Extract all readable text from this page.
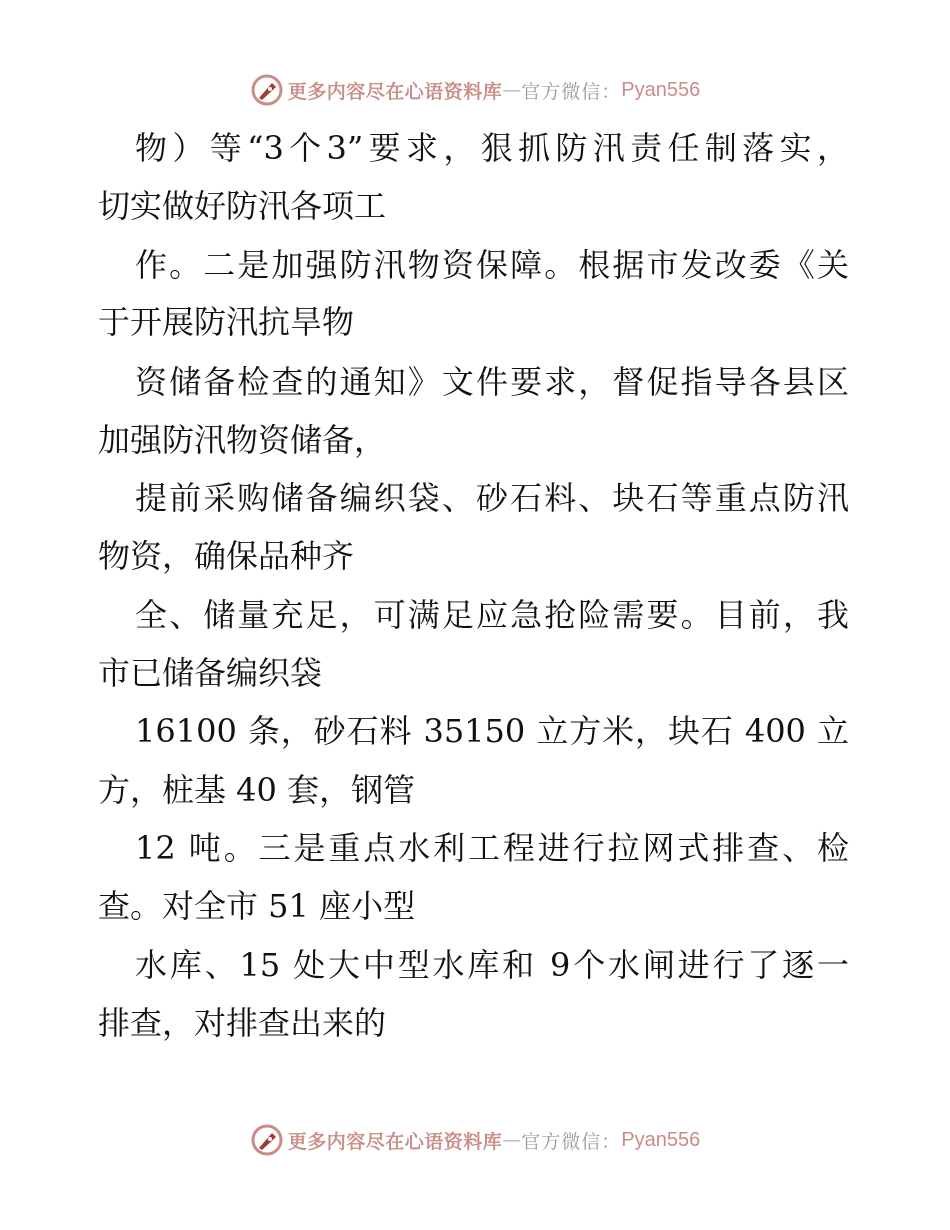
更多内容尽在心语资料库 — 官方微信： Pyan556
物）等“3个3”要求，狠抓防汛责任制落实，
切实做好防汛各项工
作。二是加强防汛物资保障。根据市发改委《关
于开展防汛抗旱物
资储备检查的通知》文件要求，督促指导各县区
加强防汛物资储备，
提前采购储备编织袋、砂石料、块石等重点防汛
物资，确保品种齐
全、储量充足，可满足应急抢险需要。目前，我
市已储备编织袋
16100 条，砂石料 35150 立方米，块石 400 立
方，桩基 40 套，钢管
12 吨。三是重点水利工程进行拉网式排查、检
查。对全市 51 座小型
水库、15 处大中型水库和 9个水闸进行了逐一
排查，对排查出来的
更多内容尽在心语资料库 — 官方微信： Pyan556
